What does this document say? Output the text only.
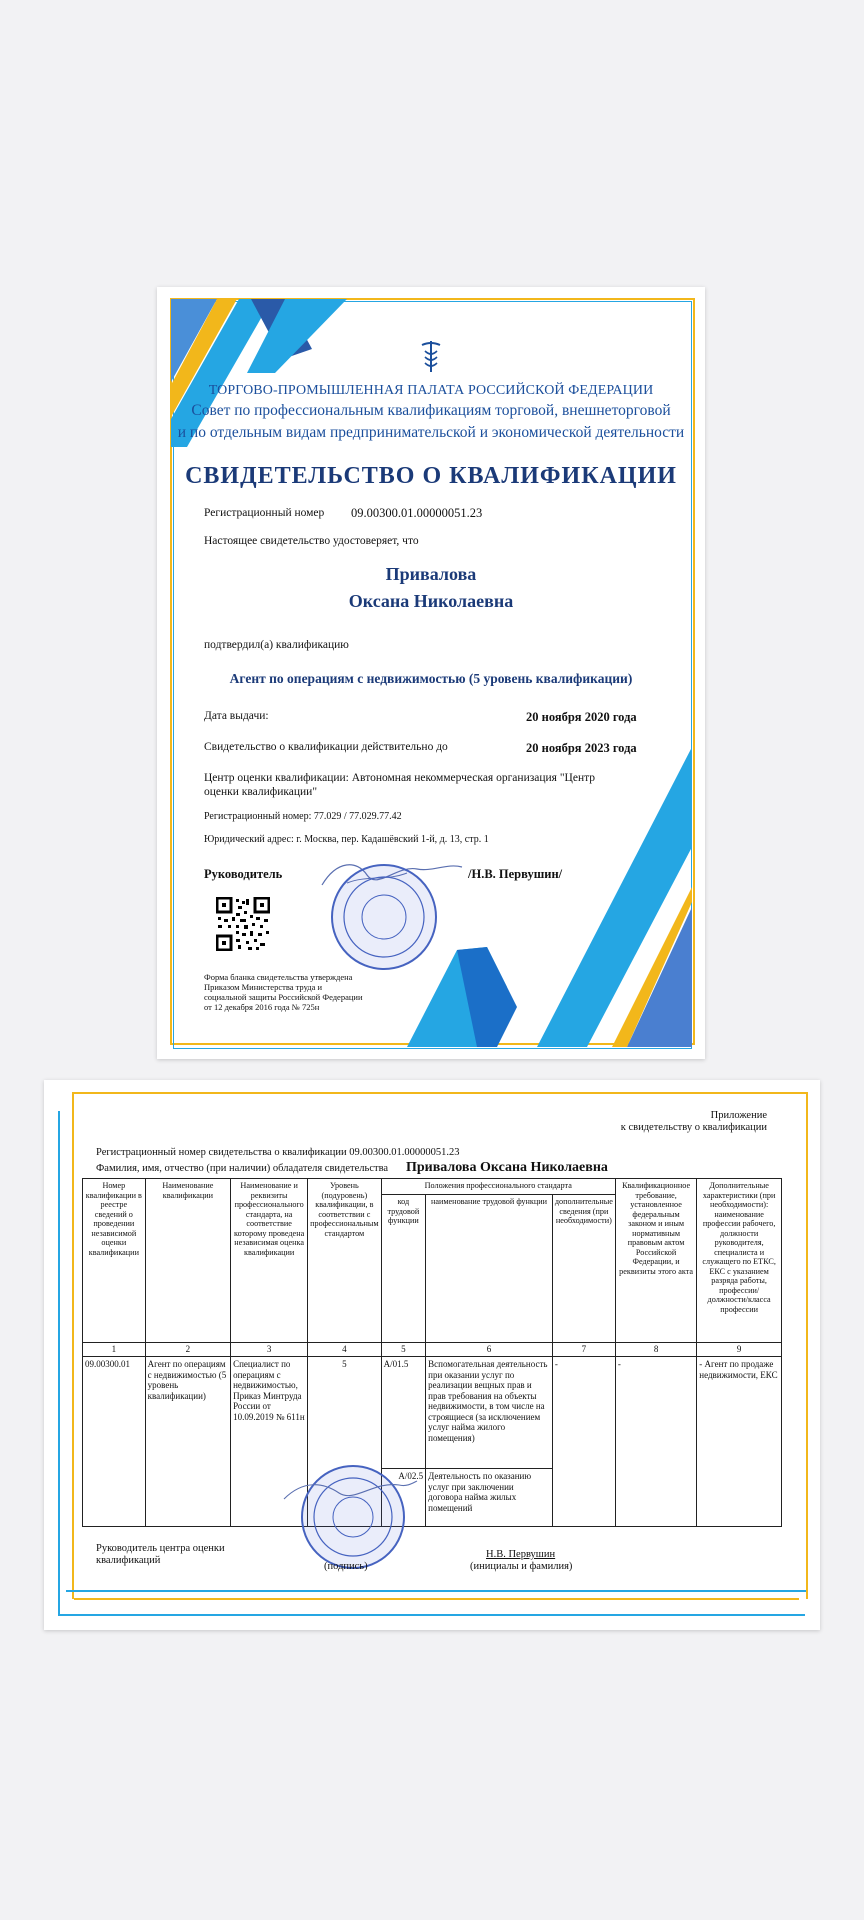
ТОРГОВО-ПРОМЫШЛЕННАЯ ПАЛАТА РОССИЙСКОЙ ФЕДЕРАЦИИ
Совет по профессиональным квалификациям торговой, внешнеторговой
и по отдельным видам предпринимательской и экономической деятельности
СВИДЕТЕЛЬСТВО О КВАЛИФИКАЦИИ
Регистрационный номер 09.00300.01.00000051.23
Настоящее свидетельство удостоверяет, что
Привалова
Оксана Николаевна
подтвердил(а) квалификацию
Агент по операциям с недвижимостью (5 уровень квалификации)
Дата выдачи:	20 ноября 2020 года
Свидетельство о квалификации действительно до	20 ноября 2023 года
Центр оценки квалификации: Автономная некоммерческая организация "Центр
оценки квалификации"
Регистрационный номер: 77.029 / 77.029.77.42
Юридический адрес: г. Москва, пер. Кадашёвский 1-й, д. 13, стр. 1
Руководитель	/Н.В. Первушин/
Форма бланка свидетельства утверждена
Приказом Министерства труда и
социальной защиты Российской Федерации
от 12 декабря 2016 года № 725н
Приложение
к свидетельству о квалификации
Регистрационный номер свидетельства о квалификации 09.00300.01.00000051.23
Фамилия, имя, отчество (при наличии) обладателя свидетельства Привалова Оксана Николаевна
Номер квалификации в реестре сведений о проведении независимой оценки квалификации	Наименование квалификации	Наименование и реквизиты профессионального стандарта, на соответствие которому проведена независимая оценка квалификации	Уровень (подуровень) квалификации, в соответствии с профессиональным стандартом	Положения профессионального стандарта			Квалификационное требование, установленное федеральным законом и иным нормативным правовым актом Российской Федерации, и реквизиты этого акта	Дополнительные характеристики (при необходимости): наименование профессии рабочего, должности руководителя, специалиста и служащего по ЕТКС, ЕКС с указанием разряда работы, профессии/должности/класса профессии
				код трудовой функции	наименование трудовой функции	дополнительные сведения (при необходимости)		
1	2	3	4	5	6	7	8	9
09.00300.01	Агент по операциям с недвижимостью (5 уровень квалификации)	Специалист по операциям с недвижимостью, Приказ Минтруда России от 10.09.2019 № 611н	5	A/01.5	Вспомогательная деятельность при оказании услуг по реализации вещных прав и прав требования на объекты недвижимости, в том числе на строящиеся (за исключением услуг найма жилого помещения)	-	-	- Агент по продаже недвижимости, ЕКС
				A/02.5	Деятельность по оказанию услуг при заключении договора найма жилых помещений			
Руководитель центра оценки
квалификаций
(подпись)
Н.В. Первушин
(инициалы и фамилия)
